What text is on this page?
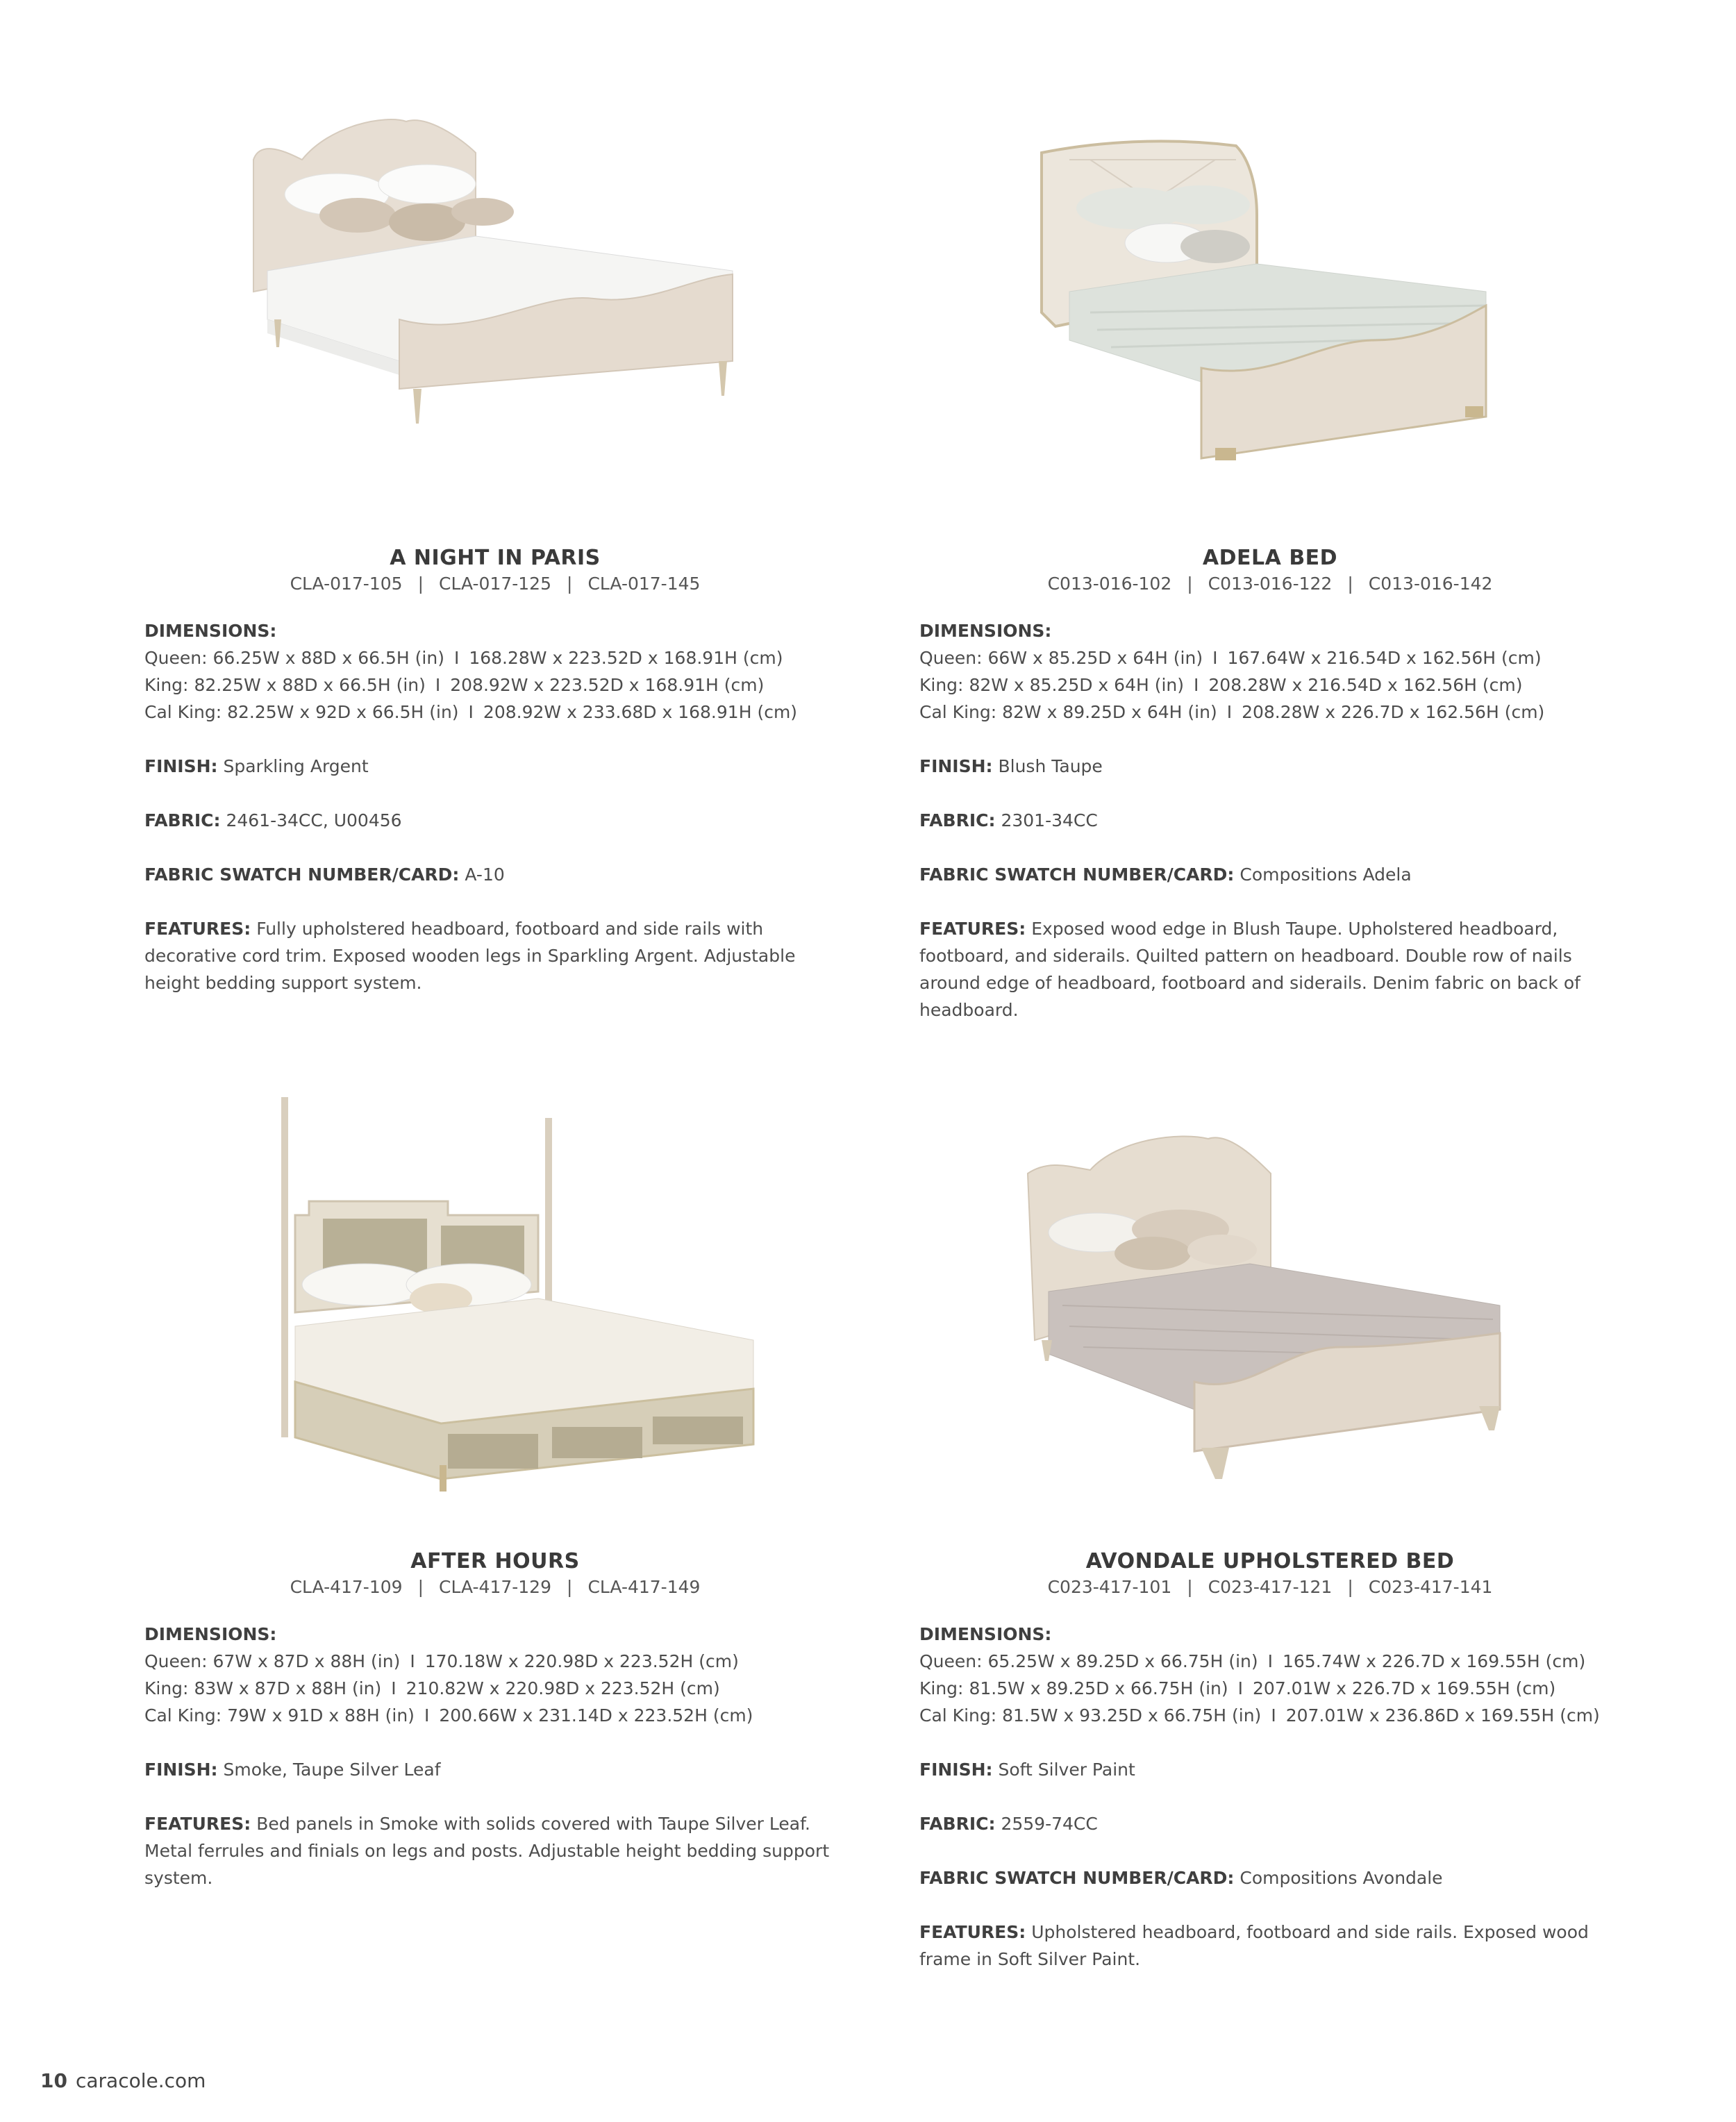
A NIGHT IN PARIS
CLA-017-105 | CLA-017-125 | CLA-017-145
DIMENSIONS:
Queen: 66.25W x 88D x 66.5H (in) I 168.28W x 223.52D x 168.91H (cm)
King: 82.25W x 88D x 66.5H (in) I 208.92W x 223.52D x 168.91H (cm)
Cal King: 82.25W x 92D x 66.5H (in) I 208.92W x 233.68D x 168.91H (cm)
FINISH: Sparkling Argent
FABRIC: 2461-34CC, U00456
FABRIC SWATCH NUMBER/CARD: A-10
FEATURES: Fully upholstered headboard, footboard and side rails with decorative cord trim. Exposed wooden legs in Sparkling Argent. Adjustable height bedding support system.
ADELA BED
C013-016-102 | C013-016-122 | C013-016-142
DIMENSIONS:
Queen: 66W x 85.25D x 64H (in) I 167.64W x 216.54D x 162.56H (cm)
King: 82W x 85.25D x 64H (in) I 208.28W x 216.54D x 162.56H (cm)
Cal King: 82W x 89.25D x 64H (in) I 208.28W x 226.7D x 162.56H (cm)
FINISH: Blush Taupe
FABRIC: 2301-34CC
FABRIC SWATCH NUMBER/CARD: Compositions Adela
FEATURES: Exposed wood edge in Blush Taupe. Upholstered headboard, footboard, and siderails. Quilted pattern on headboard. Double row of nails around edge of headboard, footboard and siderails. Denim fabric on back of headboard.
AFTER HOURS
CLA-417-109 | CLA-417-129 | CLA-417-149
DIMENSIONS:
Queen: 67W x 87D x 88H (in) I 170.18W x 220.98D x 223.52H (cm)
King: 83W x 87D x 88H (in) I 210.82W x 220.98D x 223.52H (cm)
Cal King: 79W x 91D x 88H (in) I 200.66W x 231.14D x 223.52H (cm)
FINISH: Smoke, Taupe Silver Leaf
FEATURES: Bed panels in Smoke with solids covered with Taupe Silver Leaf. Metal ferrules and finials on legs and posts. Adjustable height bedding support system.
AVONDALE UPHOLSTERED BED
C023-417-101 | C023-417-121 | C023-417-141
DIMENSIONS:
Queen: 65.25W x 89.25D x 66.75H (in) I 165.74W x 226.7D x 169.55H (cm)
King: 81.5W x 89.25D x 66.75H (in) I 207.01W x 226.7D x 169.55H (cm)
Cal King: 81.5W x 93.25D x 66.75H (in) I 207.01W x 236.86D x 169.55H (cm)
FINISH: Soft Silver Paint
FABRIC: 2559-74CC
FABRIC SWATCH NUMBER/CARD: Compositions Avondale
FEATURES: Upholstered headboard, footboard and side rails. Exposed wood frame in Soft Silver Paint.
10 caracole.com
